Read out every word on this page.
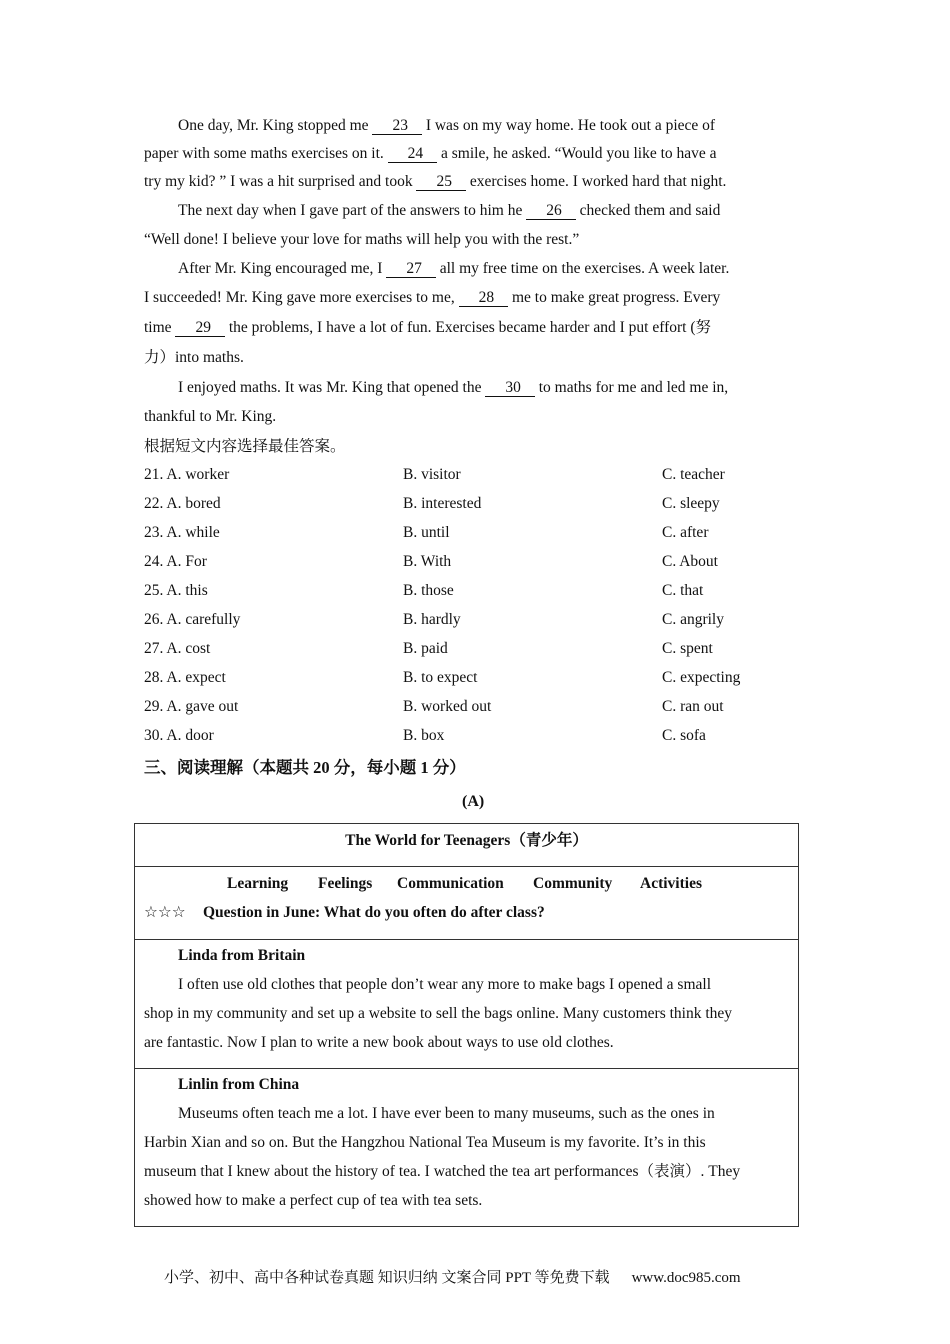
One day, Mr. King stopped me 23 I was on my way home. He took out a piece of
paper with some maths exercises on it. 24 a smile, he asked. “Would you like to have a
try my kid? ” I was a hit surprised and took 25 exercises home. I worked hard that night.
The next day when I gave part of the answers to him he 26 checked them and said
“Well done! I believe your love for maths will help you with the rest.”
After Mr. King encouraged me, I 27 all my free time on the exercises. A week later.
I succeeded! Mr. King gave more exercises to me, 28 me to make great progress. Every
time 29 the problems, I have a lot of fun. Exercises became harder and I put effort (努
力）into maths.
I enjoyed maths. It was Mr. King that opened the 30 to maths for me and led me in,
thankful to Mr. King.
根据短文内容选择最佳答案。
21. A. worker	B. visitor	C. teacher
22. A. bored	B. interested	C. sleepy
23. A. while	B. until	C. after
24. A. For	B. With	C. About
25. A. this	B. those	C. that
26. A. carefully	B. hardly	C. angrily
27. A. cost	B. paid	C. spent
28. A. expect	B. to expect	C. expecting
29. A. gave out	B. worked out	C. ran out
30. A. door	B. box	C. sofa
三、阅读理解（本题共 20 分，每小题 1 分）
(A)
The World for Teenagers（青少年）
Learning Feelings Communication Community Activities
☆☆☆ Question in June: What do you often do after class?
Linda from Britain
I often use old clothes that people don’t wear any more to make bags I opened a small
shop in my community and set up a website to sell the bags online. Many customers think they
are fantastic. Now I plan to write a new book about ways to use old clothes.
Linlin from China
Museums often teach me a lot. I have ever been to many museums, such as the ones in
Harbin Xian and so on. But the Hangzhou National Tea Museum is my favorite. It’s in this
museum that I knew about the history of tea. I watched the tea art performances（表演）. They
showed how to make a perfect cup of tea with tea sets.
小学、初中、高中各种试卷真题 知识归纳 文案合同 PPT 等免费下载 www.doc985.com
